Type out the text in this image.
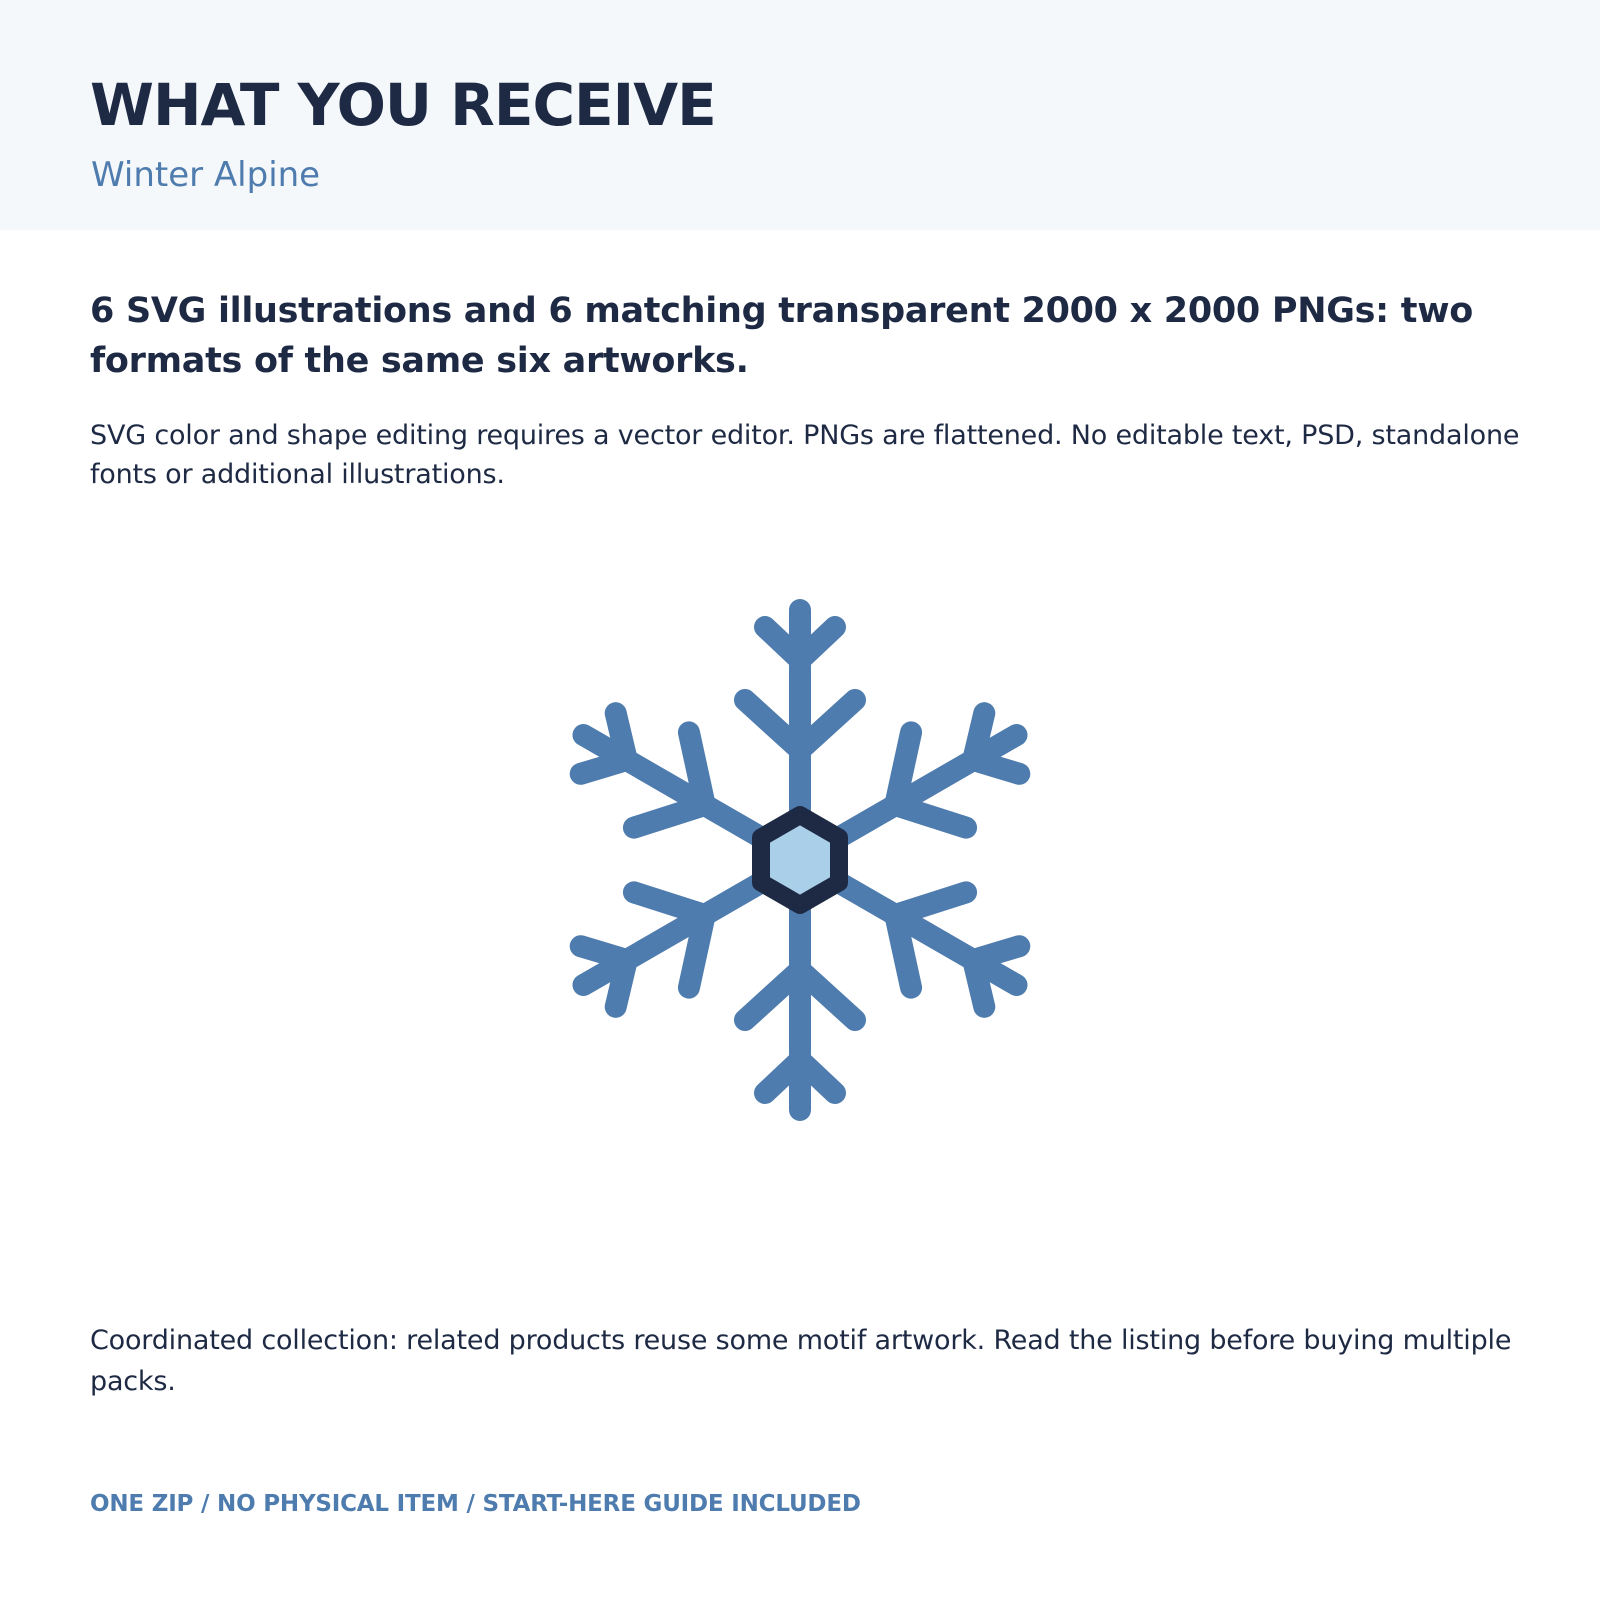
WHAT YOU RECEIVE

Winter Alpine

6 SVG illustrations and 6 matching transparent 2000 x 2000 PNGs: two formats of the same six artworks.

SVG color and shape editing requires a vector editor. PNGs are flattened. No editable text, PSD, standalone fonts or additional illustrations.

Coordinated collection: related products reuse some motif artwork. Read the listing before buying multiple packs.

ONE ZIP / NO PHYSICAL ITEM / START-HERE GUIDE INCLUDED
